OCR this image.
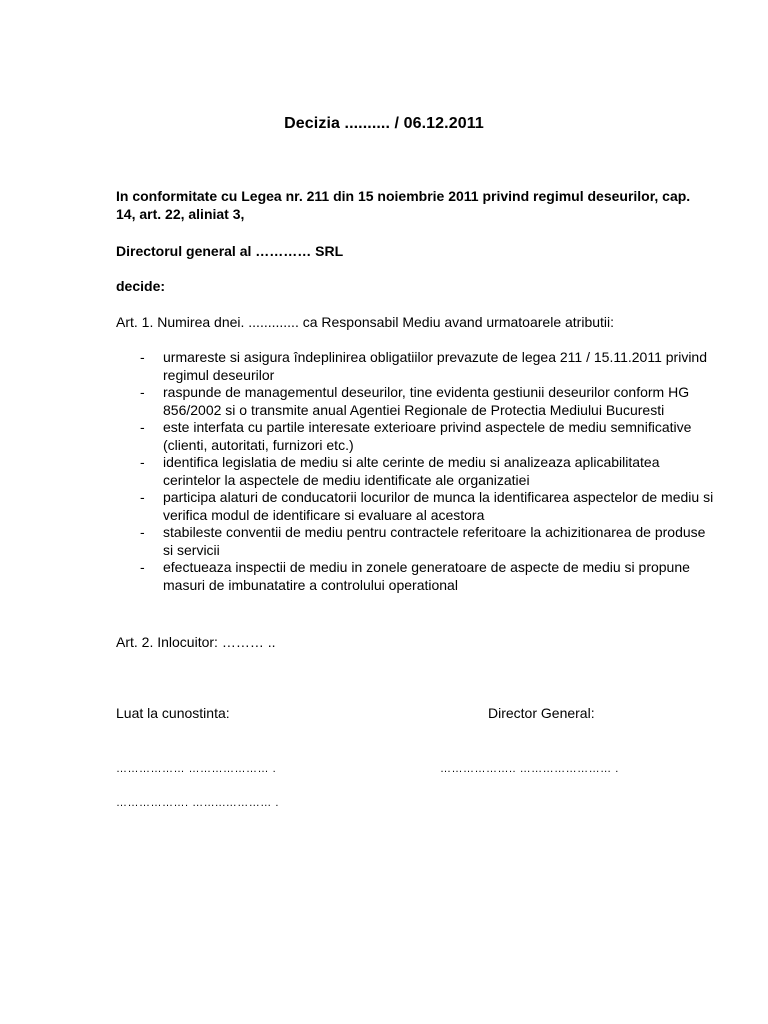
Decizia .......... / 06.12.2011
In conformitate cu Legea nr. 211 din 15 noiembrie 2011 privind regimul deseurilor, cap. 14, art. 22, aliniat 3,
Directorul general al ………… SRL
decide:
Art. 1. Numirea dnei. ............. ca Responsabil Mediu avand urmatoarele atributii:
- urmareste si asigura îndeplinirea obligatiilor prevazute de legea 211 / 15.11.2011 privind regimul deseurilor
- raspunde de managementul deseurilor, tine evidenta gestiunii deseurilor conform HG 856/2002 si o transmite anual Agentiei Regionale de Protectia Mediului Bucuresti
- este interfata cu partile interesate exterioare privind aspectele de mediu semnificative (clienti, autoritati, furnizori etc.)
- identifica legislatia de mediu si alte cerinte de mediu si analizeaza aplicabilitatea cerintelor la aspectele de mediu identificate ale organizatiei
- participa alaturi de conducatorii locurilor de munca la identificarea aspectelor de mediu si verifica modul de identificare si evaluare al acestora
- stabileste conventii de mediu pentru contractele referitoare la achizitionarea de produse si servicii
- efectueaza inspectii de mediu in zonele generatoare de aspecte de mediu si propune masuri de imbunatatire a controlului operational
Art. 2. Inlocuitor: ……… ..
Luat la cunostinta:	Director General:
……………… ………………… .	……………….. …………………… .
………………. ……...………… .
